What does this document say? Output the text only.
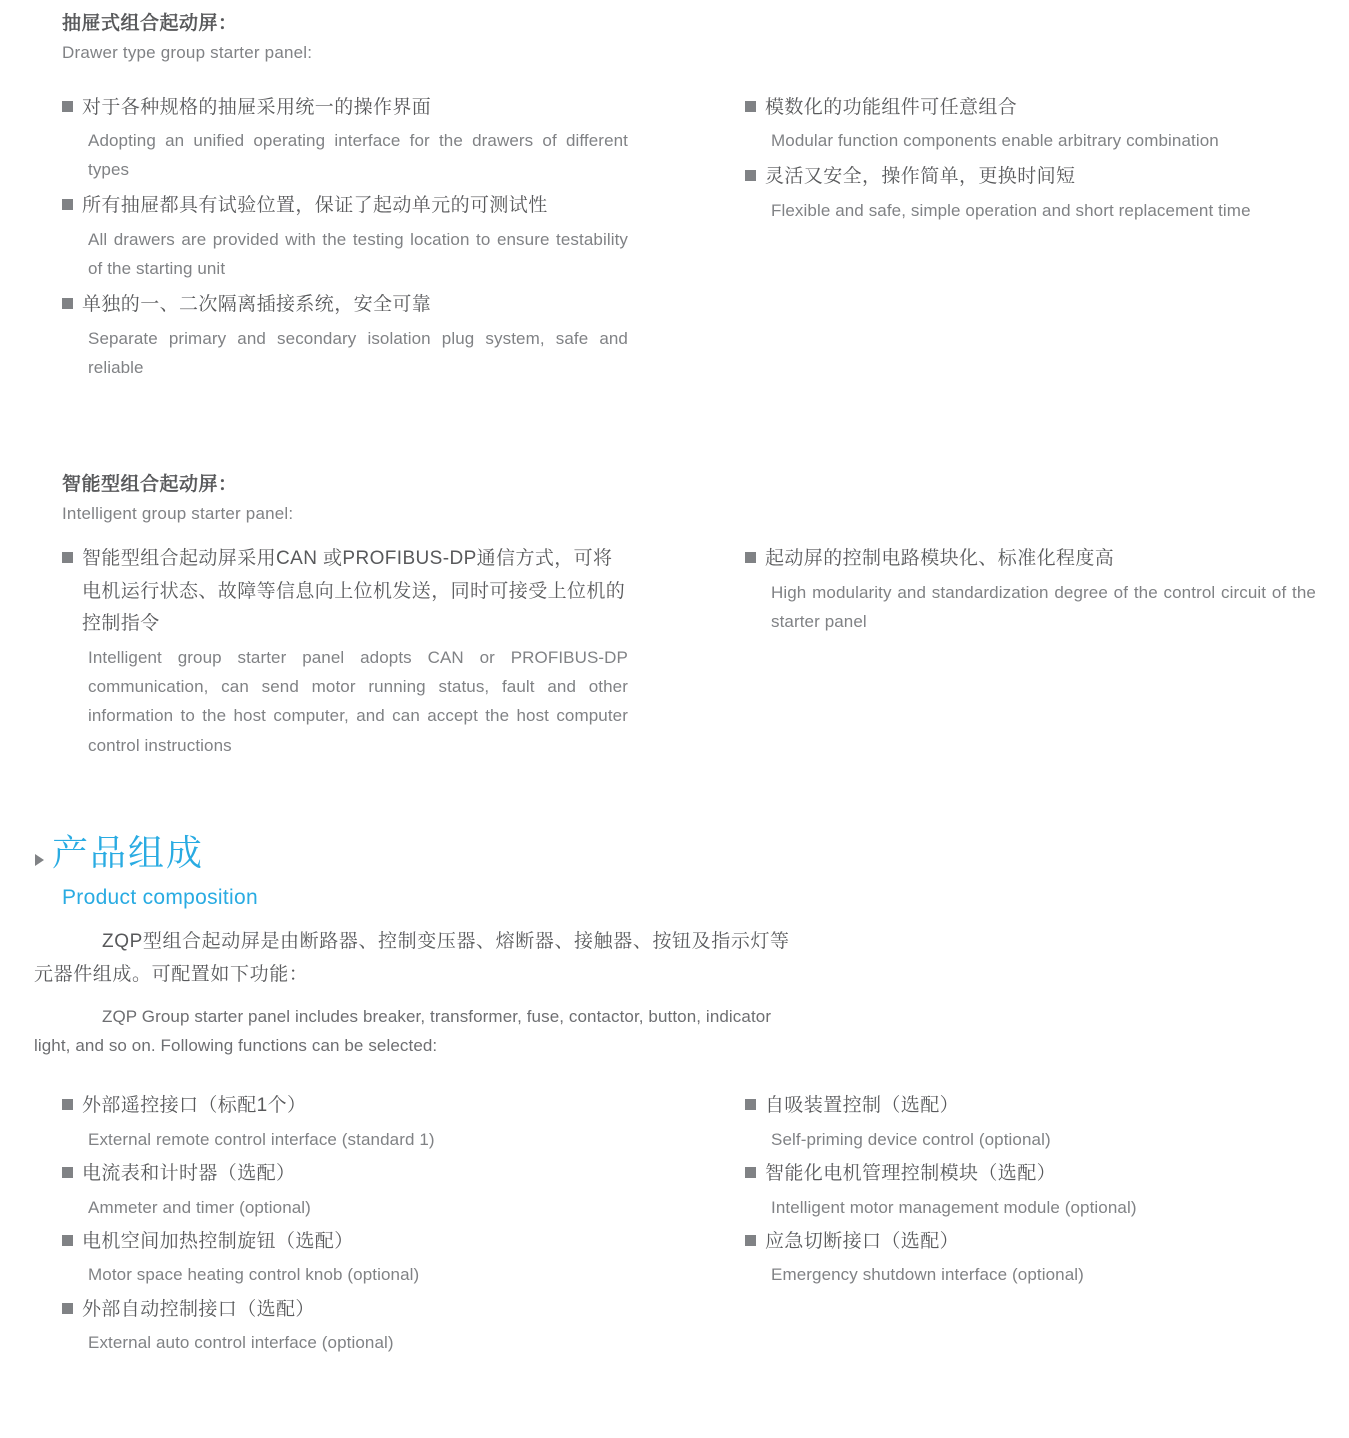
抽屉式组合起动屏：
Drawer type group starter panel:
对于各种规格的抽屉采用统一的操作界面
Adopting an unified operating interface for the drawers of different types
所有抽屉都具有试验位置，保证了起动单元的可测试性
All drawers are provided with the testing location to ensure testability of the starting unit
单独的一、二次隔离插接系统，安全可靠
Separate primary and secondary isolation plug system, safe and reliable
模数化的功能组件可任意组合
Modular function components enable arbitrary combination
灵活又安全，操作简单，更换时间短
Flexible and safe, simple operation and short replacement time
智能型组合起动屏：
Intelligent group starter panel:
智能型组合起动屏采用CAN 或PROFIBUS-DP通信方式，可将电机运行状态、故障等信息向上位机发送，同时可接受上位机的控制指令
Intelligent group starter panel adopts CAN or PROFIBUS-DP communication, can send motor running status, fault and other information to the host computer, and can accept the host computer control instructions
起动屏的控制电路模块化、标准化程度高
High modularity and standardization degree of the control circuit of the starter panel
产品组成
Product composition
ZQP型组合起动屏是由断路器、控制变压器、熔断器、接触器、按钮及指示灯等
元器件组成。可配置如下功能：
ZQP Group starter panel includes breaker, transformer, fuse, contactor, button, indicator
light, and so on. Following functions can be selected:
外部遥控接口（标配1个）
External remote control interface (standard 1)
电流表和计时器（选配）
Ammeter and timer (optional)
电机空间加热控制旋钮（选配）
Motor space heating control knob (optional)
外部自动控制接口（选配）
External auto control interface (optional)
自吸装置控制（选配）
Self-priming device control (optional)
智能化电机管理控制模块（选配）
Intelligent motor management module (optional)
应急切断接口（选配）
Emergency shutdown interface (optional)
